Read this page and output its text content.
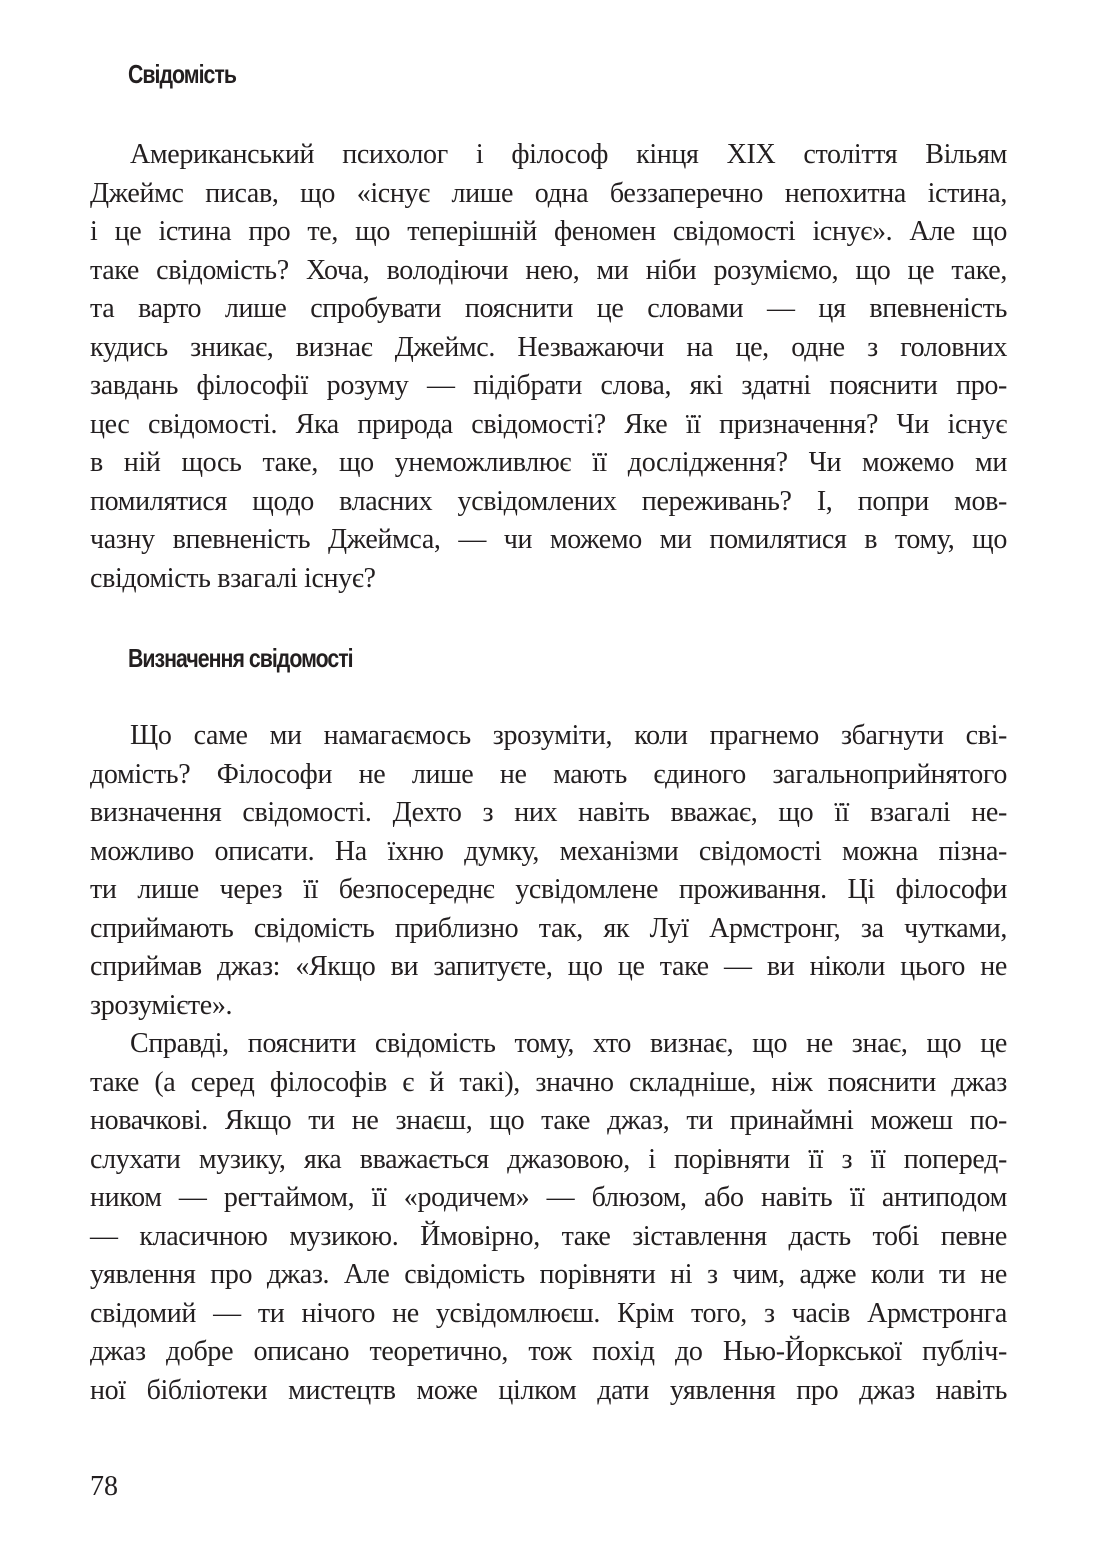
Свідомість
Американський психолог і філософ кінця XIX століття Вільям
Джеймс писав, що «існує лише одна беззаперечно непохитна істина,
і це істина про те, що теперішній феномен свідомості існує». Але що
таке свідомість? Хоча, володіючи нею, ми ніби розуміємо, що це таке,
та варто лише спробувати пояснити це словами — ця впевненість
кудись зникає, визнає Джеймс. Незважаючи на це, одне з головних
завдань філософії розуму — підібрати слова, які здатні пояснити про-
цес свідомості. Яка природа свідомості? Яке її призначення? Чи існує
в ній щось таке, що унеможливлює її дослідження? Чи можемо ми
помилятися щодо власних усвідомлених переживань? І, попри мов-
чазну впевненість Джеймса, — чи можемо ми помилятися в тому, що
свідомість взагалі існує?
Визначення свідомості
Що саме ми намагаємось зрозуміти, коли прагнемо збагнути сві-
домість? Філософи не лише не мають єдиного загальноприйнятого
визначення свідомості. Дехто з них навіть вважає, що її взагалі не-
можливо описати. На їхню думку, механізми свідомості можна пізна-
ти лише через її безпосереднє усвідомлене проживання. Ці філософи
сприймають свідомість приблизно так, як Луї Армстронг, за чутками,
сприймав джаз: «Якщо ви запитуєте, що це таке — ви ніколи цього не
зрозумієте».
Справді, пояснити свідомість тому, хто визнає, що не знає, що це
таке (а серед філософів є й такі), значно складніше, ніж пояснити джаз
новачкові. Якщо ти не знаєш, що таке джаз, ти принаймні можеш по-
слухати музику, яка вважається джазовою, і порівняти її з її поперед-
ником — регтаймом, її «родичем» — блюзом, або навіть її антиподом
— класичною музикою. Ймовірно, таке зіставлення дасть тобі певне
уявлення про джаз. Але свідомість порівняти ні з чим, адже коли ти не
свідомий — ти нічого не усвідомлюєш. Крім того, з часів Армстронга
джаз добре описано теоретично, тож похід до Нью-Йоркської публіч-
ної бібліотеки мистецтв може цілком дати уявлення про джаз навіть
78
